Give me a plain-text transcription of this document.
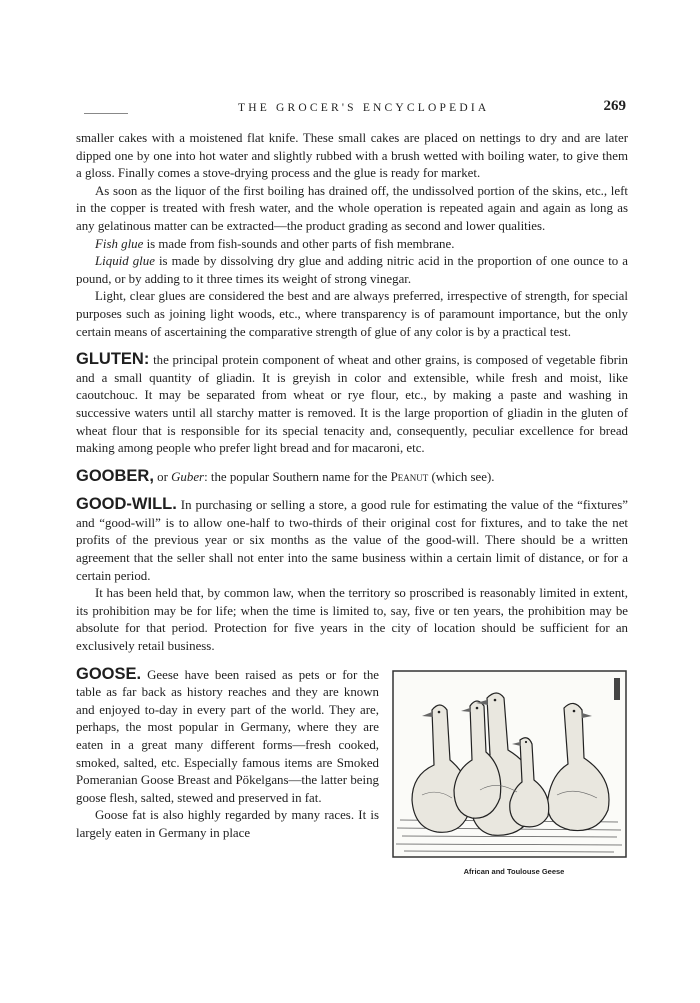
THE GROCER'S ENCYCLOPEDIA	269

smaller cakes with a moistened flat knife. These small cakes are placed on nettings to dry and are later dipped one by one into hot water and slightly rubbed with a brush wetted with boiling water, to give them a gloss. Finally comes a stove-drying process and the glue is ready for market.

As soon as the liquor of the first boiling has drained off, the undissolved portion of the skins, etc., left in the copper is treated with fresh water, and the whole operation is repeated again and again as long as any gelatinous matter can be extracted—the product grading as second and lower qualities.

Fish glue is made from fish-sounds and other parts of fish membrane.

Liquid glue is made by dissolving dry glue and adding nitric acid in the proportion of one ounce to a pound, or by adding to it three times its weight of strong vinegar.

Light, clear glues are considered the best and are always preferred, irrespective of strength, for special purposes such as joining light woods, etc., where transparency is of paramount importance, but the only certain means of ascertaining the comparative strength of glue of any color is by a practical test.

GLUTEN: the principal protein component of wheat and other grains, is composed of vegetable fibrin and a small quantity of gliadin. It is greyish in color and extensible, while fresh and moist, like caoutchouc. It may be separated from wheat or rye flour, etc., by making a paste and washing in successive waters until all starchy matter is removed. It is the large proportion of gliadin in the gluten of wheat flour that is responsible for its special tenacity and, consequently, peculiar excellence for bread making among people who prefer light bread and for macaroni, etc.

GOOBER, or Guber: the popular Southern name for the Peanut (which see).

GOOD-WILL. In purchasing or selling a store, a good rule for estimating the value of the “fixtures” and “good-will” is to allow one-half to two-thirds of their original cost for fixtures, and to take the net profits of the previous year or six months as the value of the good-will. There should be a written agreement that the seller shall not enter into the same business within a certain limit of distance, or for a certain period.

It has been held that, by common law, when the territory so proscribed is reasonably limited in extent, its prohibition may be for life; when the time is limited to, say, five or ten years, the prohibition may be absolute for that period. Protection for five years in the city of location should be sufficient for an exclusively retail business.

GOOSE. Geese have been raised as pets or for the table as far back as history reaches and they are known and enjoyed to-day in every part of the world. They are, perhaps, the most popular in Germany, where they are eaten in a great many different forms—fresh cooked, smoked, salted, etc. Especially famous items are Smoked Pomeranian Goose Breast and Pökelgans—the latter being goose flesh, salted, stewed and preserved in fat.

Goose fat is also highly regarded by many races. It is largely eaten in Germany in place

African and Toulouse Geese
